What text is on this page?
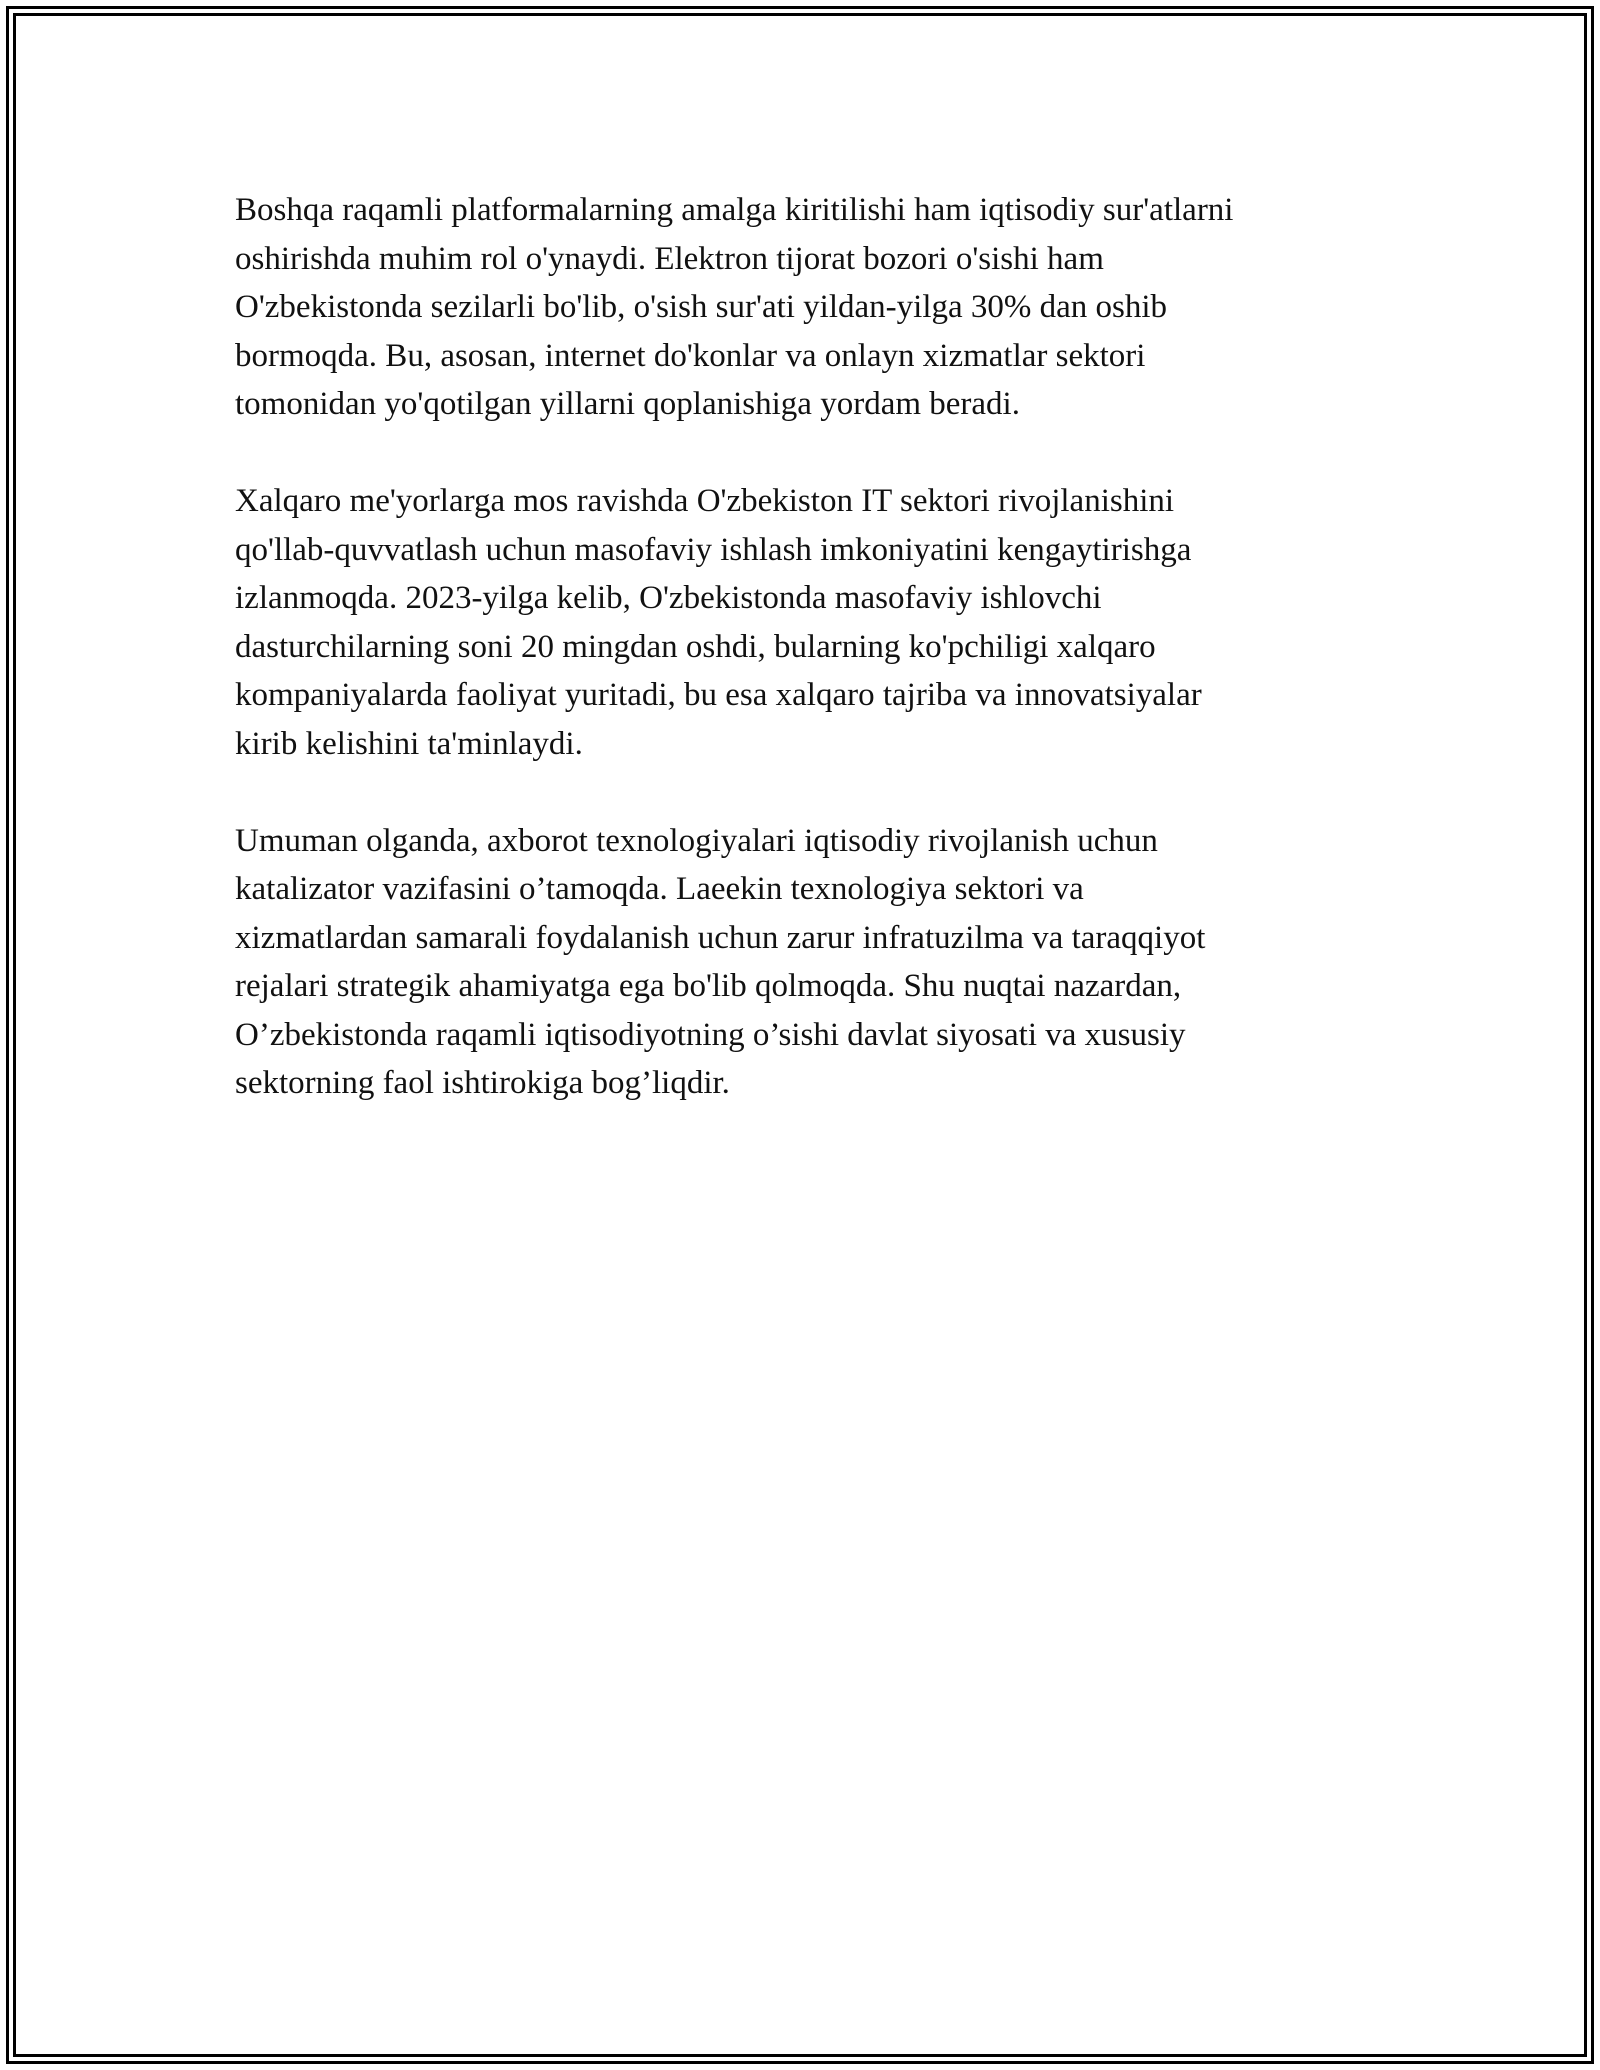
Boshqa raqamli platformalarning amalga kiritilishi ham iqtisodiy sur'atlarni
oshirishda muhim rol o'ynaydi. Elektron tijorat bozori o'sishi ham
O'zbekistonda sezilarli bo'lib, o'sish sur'ati yildan-yilga 30% dan oshib
bormoqda. Bu, asosan, internet do'konlar va onlayn xizmatlar sektori
tomonidan yo'qotilgan yillarni qoplanishiga yordam beradi.

Xalqaro me'yorlarga mos ravishda O'zbekiston IT sektori rivojlanishini
qo'llab-quvvatlash uchun masofaviy ishlash imkoniyatini kengaytirishga
izlanmoqda. 2023-yilga kelib, O'zbekistonda masofaviy ishlovchi
dasturchilarning soni 20 mingdan oshdi, bularning ko'pchiligi xalqaro
kompaniyalarda faoliyat yuritadi, bu esa xalqaro tajriba va innovatsiyalar
kirib kelishini ta'minlaydi.

Umuman olganda, axborot texnologiyalari iqtisodiy rivojlanish uchun
katalizator vazifasini o’tamoqda. Laeekin texnologiya sektori va
xizmatlardan samarali foydalanish uchun zarur infratuzilma va taraqqiyot
rejalari strategik ahamiyatga ega bo'lib qolmoqda. Shu nuqtai nazardan,
O’zbekistonda raqamli iqtisodiyotning o’sishi davlat siyosati va xususiy
sektorning faol ishtirokiga bog’liqdir.
